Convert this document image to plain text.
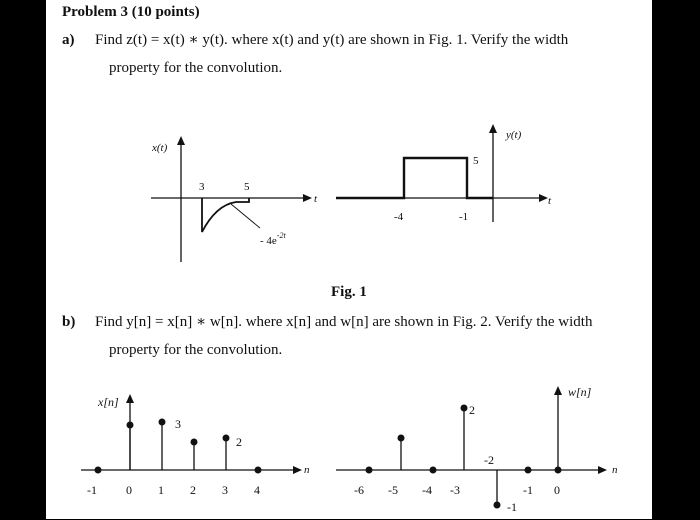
Problem 3 (10 points)
a) Find z(t) = x(t) ∗ y(t). where x(t) and y(t) are shown in Fig. 1. Verify the width
property for the convolution.
x(t)
t
3	5
- $4e^{-2t}$
y(t)
t
-4	-1
5
Fig. 1
b) Find y[n] = x[n] ∗ w[n]. where x[n] and w[n] are shown in Fig. 2. Verify the width
property for the convolution.
x[n]
n
3
2
-1 0 1 2 3 4
w[n]
n
2
-2
-1
-6 -5 -4 -3	-1 0
